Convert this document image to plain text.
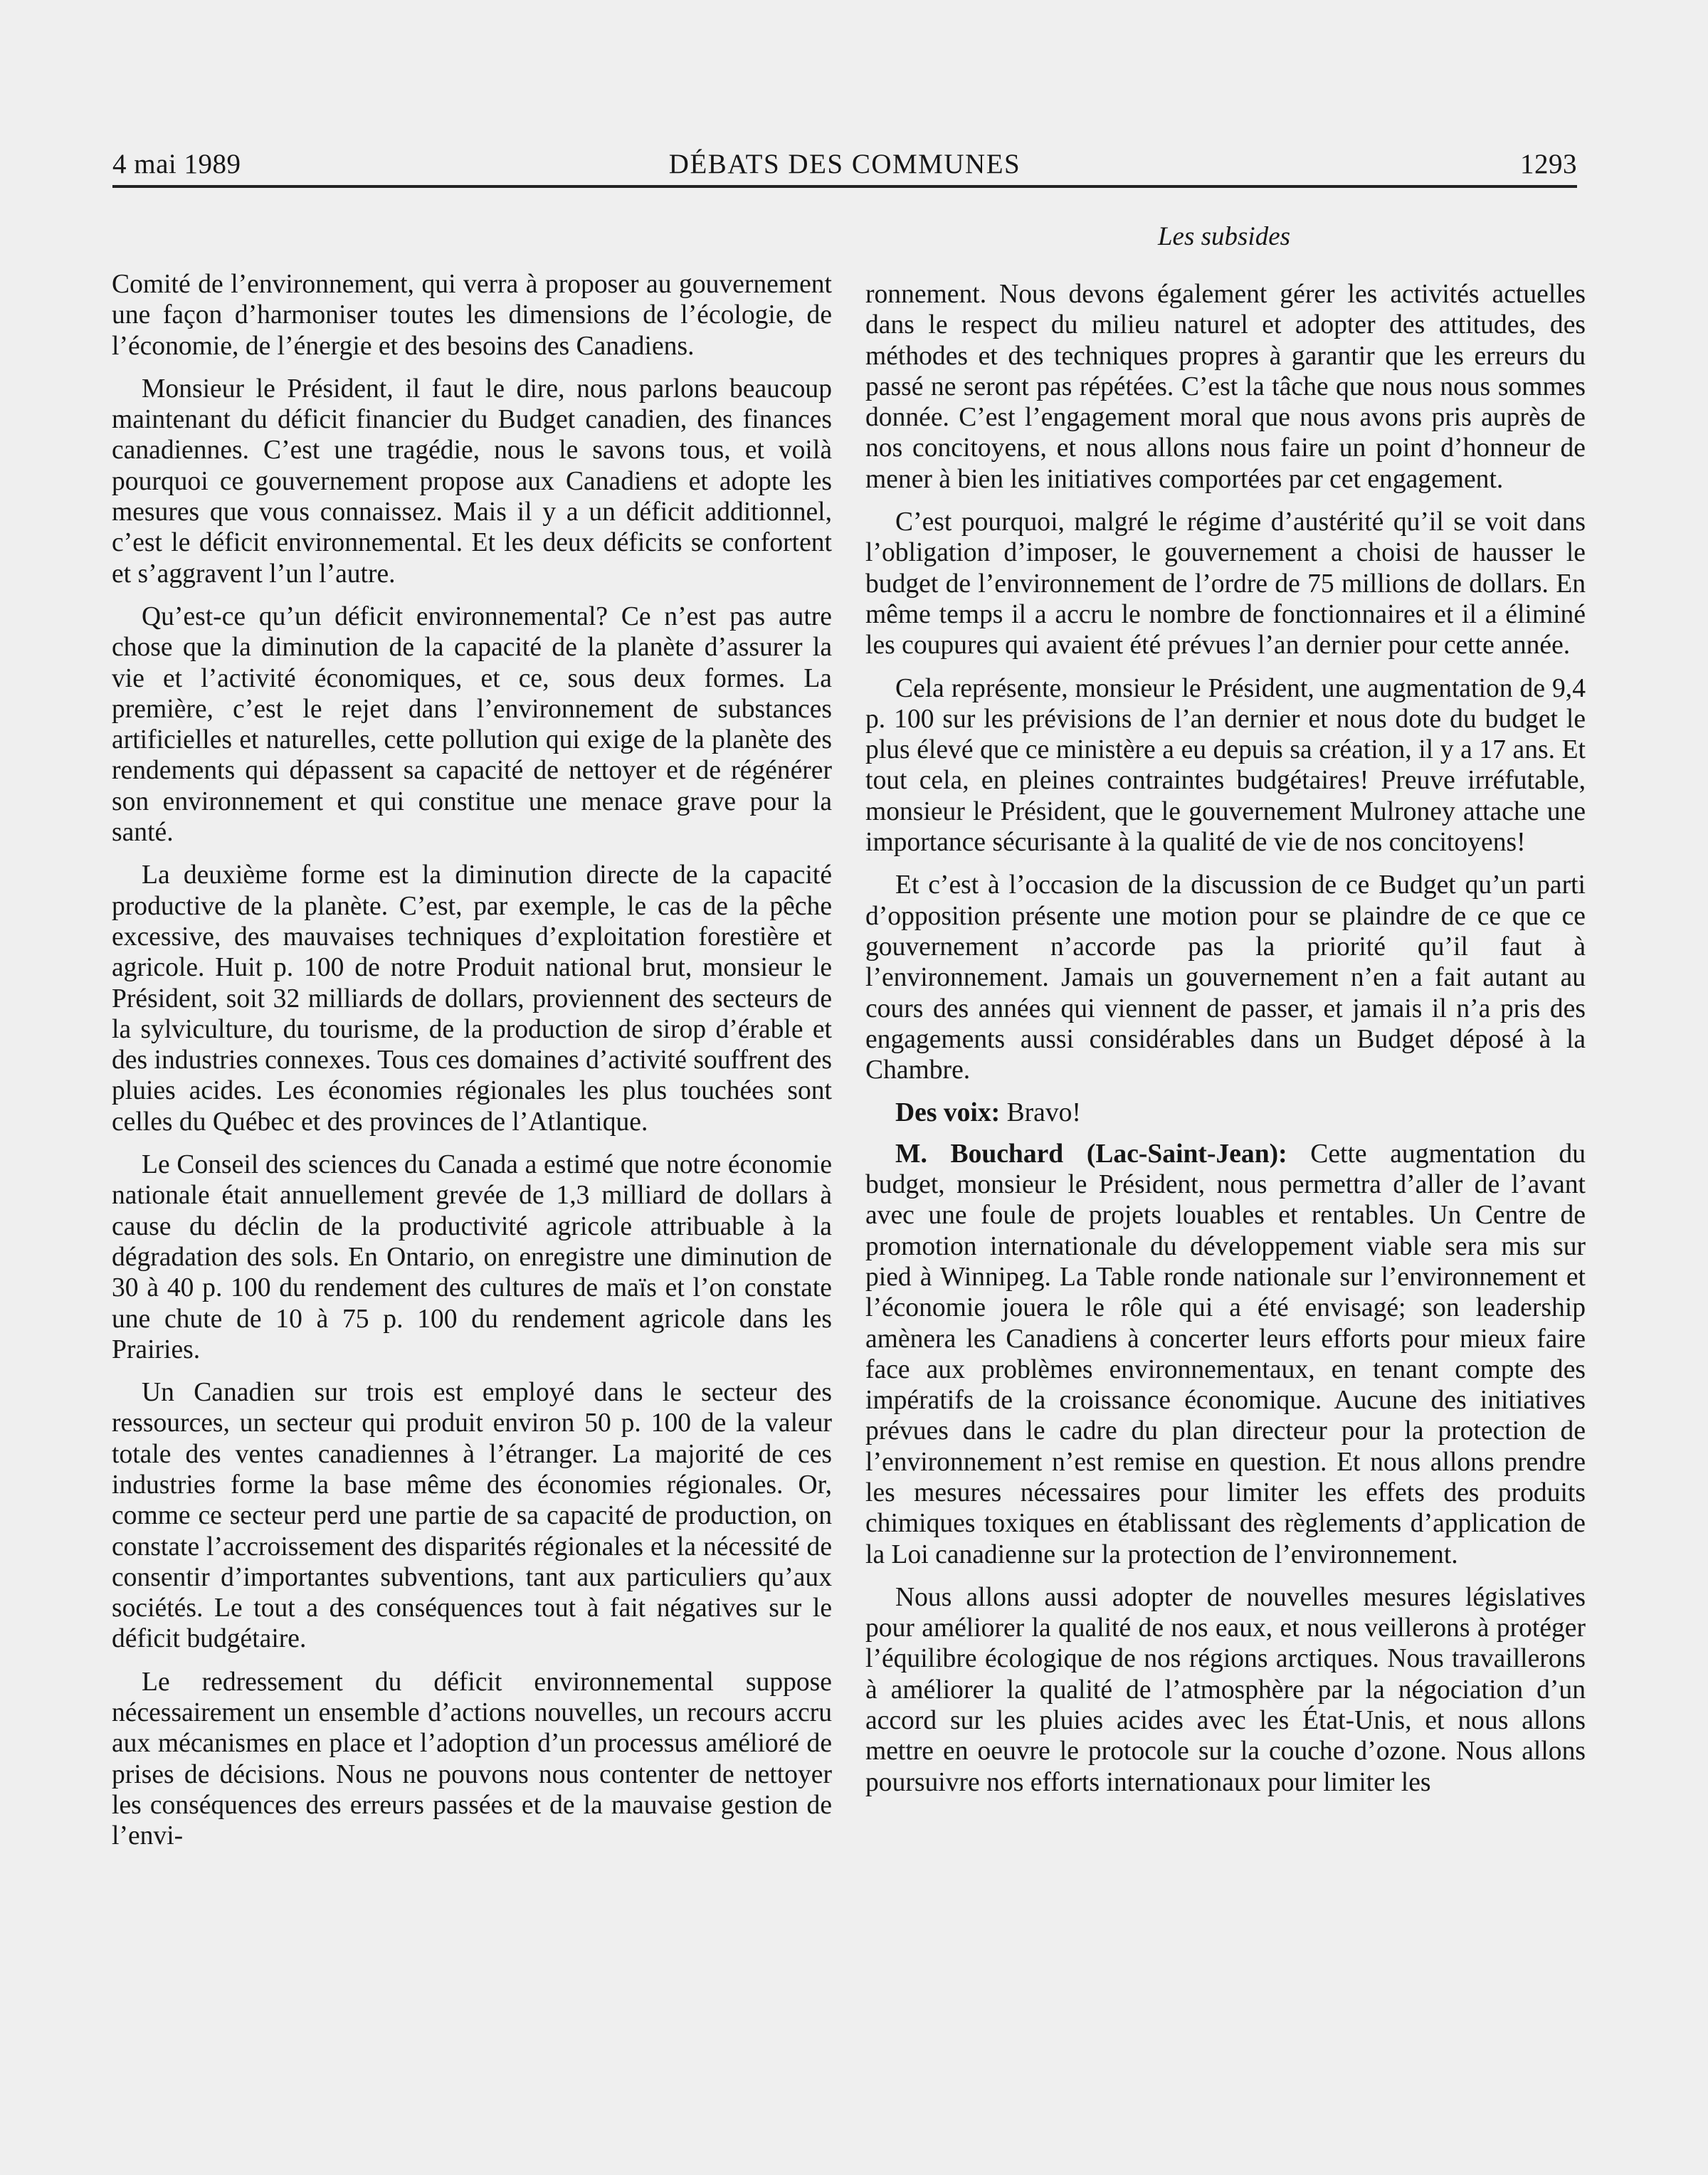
4 mai 1989	DÉBATS DES COMMUNES	1293
Les subsides

Comité de l’environnement, qui verra à proposer au gouvernement une façon d’harmoniser toutes les dimensions de l’écologie, de l’économie, de l’énergie et des besoins des Canadiens.

Monsieur le Président, il faut le dire, nous parlons beaucoup maintenant du déficit financier du Budget canadien, des finances canadiennes. C’est une tragédie, nous le savons tous, et voilà pourquoi ce gouvernement propose aux Canadiens et adopte les mesures que vous connaissez. Mais il y a un déficit additionnel, c’est le déficit environnemental. Et les deux déficits se confortent et s’aggravent l’un l’autre.

Qu’est-ce qu’un déficit environnemental? Ce n’est pas autre chose que la diminution de la capacité de la planète d’assurer la vie et l’activité économiques, et ce, sous deux formes. La première, c’est le rejet dans l’environnement de substances artificielles et naturelles, cette pollution qui exige de la planète des rendements qui dépassent sa capacité de nettoyer et de régénérer son environnement et qui constitue une menace grave pour la santé.

La deuxième forme est la diminution directe de la capacité productive de la planète. C’est, par exemple, le cas de la pêche excessive, des mauvaises techniques d’exploitation forestière et agricole. Huit p. 100 de notre Produit national brut, monsieur le Président, soit 32 milliards de dollars, proviennent des secteurs de la sylviculture, du tourisme, de la production de sirop d’érable et des industries connexes. Tous ces domaines d’activité souffrent des pluies acides. Les économies régionales les plus touchées sont celles du Québec et des provinces de l’Atlantique.

Le Conseil des sciences du Canada a estimé que notre économie nationale était annuellement grevée de 1,3 milliard de dollars à cause du déclin de la productivité agricole attribuable à la dégradation des sols. En Ontario, on enregistre une diminution de 30 à 40 p. 100 du rendement des cultures de maïs et l’on constate une chute de 10 à 75 p. 100 du rendement agricole dans les Prairies.

Un Canadien sur trois est employé dans le secteur des ressources, un secteur qui produit environ 50 p. 100 de la valeur totale des ventes canadiennes à l’étranger. La majorité de ces industries forme la base même des économies régionales. Or, comme ce secteur perd une partie de sa capacité de production, on constate l’accroissement des disparités régionales et la nécessité de consentir d’importantes subventions, tant aux particuliers qu’aux sociétés. Le tout a des conséquences tout à fait négatives sur le déficit budgétaire.

Le redressement du déficit environnemental suppose nécessairement un ensemble d’actions nouvelles, un recours accru aux mécanismes en place et l’adoption d’un processus amélioré de prises de décisions. Nous ne pouvons nous contenter de nettoyer les conséquences des erreurs passées et de la mauvaise gestion de l’envi-

ronnement. Nous devons également gérer les activités actuelles dans le respect du milieu naturel et adopter des attitudes, des méthodes et des techniques propres à garantir que les erreurs du passé ne seront pas répétées. C’est la tâche que nous nous sommes donnée. C’est l’engagement moral que nous avons pris auprès de nos concitoyens, et nous allons nous faire un point d’honneur de mener à bien les initiatives comportées par cet engagement.

C’est pourquoi, malgré le régime d’austérité qu’il se voit dans l’obligation d’imposer, le gouvernement a choisi de hausser le budget de l’environnement de l’ordre de 75 millions de dollars. En même temps il a accru le nombre de fonctionnaires et il a éliminé les coupures qui avaient été prévues l’an dernier pour cette année.

Cela représente, monsieur le Président, une augmentation de 9,4 p. 100 sur les prévisions de l’an dernier et nous dote du budget le plus élevé que ce ministère a eu depuis sa création, il y a 17 ans. Et tout cela, en pleines contraintes budgétaires! Preuve irréfutable, monsieur le Président, que le gouvernement Mulroney attache une importance sécurisante à la qualité de vie de nos concitoyens!

Et c’est à l’occasion de la discussion de ce Budget qu’un parti d’opposition présente une motion pour se plaindre de ce que ce gouvernement n’accorde pas la priorité qu’il faut à l’environnement. Jamais un gouvernement n’en a fait autant au cours des années qui viennent de passer, et jamais il n’a pris des engagements aussi considérables dans un Budget déposé à la Chambre.

Des voix: Bravo!

M. Bouchard (Lac-Saint-Jean): Cette augmentation du budget, monsieur le Président, nous permettra d’aller de l’avant avec une foule de projets louables et rentables. Un Centre de promotion internationale du développement viable sera mis sur pied à Winnipeg. La Table ronde nationale sur l’environnement et l’économie jouera le rôle qui a été envisagé; son leadership amènera les Canadiens à concerter leurs efforts pour mieux faire face aux problèmes environnementaux, en tenant compte des impératifs de la croissance économique. Aucune des initiatives prévues dans le cadre du plan directeur pour la protection de l’environnement n’est remise en question. Et nous allons prendre les mesures nécessaires pour limiter les effets des produits chimiques toxiques en établissant des règlements d’application de la Loi canadienne sur la protection de l’environnement.

Nous allons aussi adopter de nouvelles mesures législatives pour améliorer la qualité de nos eaux, et nous veillerons à protéger l’équilibre écologique de nos régions arctiques. Nous travaillerons à améliorer la qualité de l’atmosphère par la négociation d’un accord sur les pluies acides avec les État-Unis, et nous allons mettre en oeuvre le protocole sur la couche d’ozone. Nous allons poursuivre nos efforts internationaux pour limiter les
